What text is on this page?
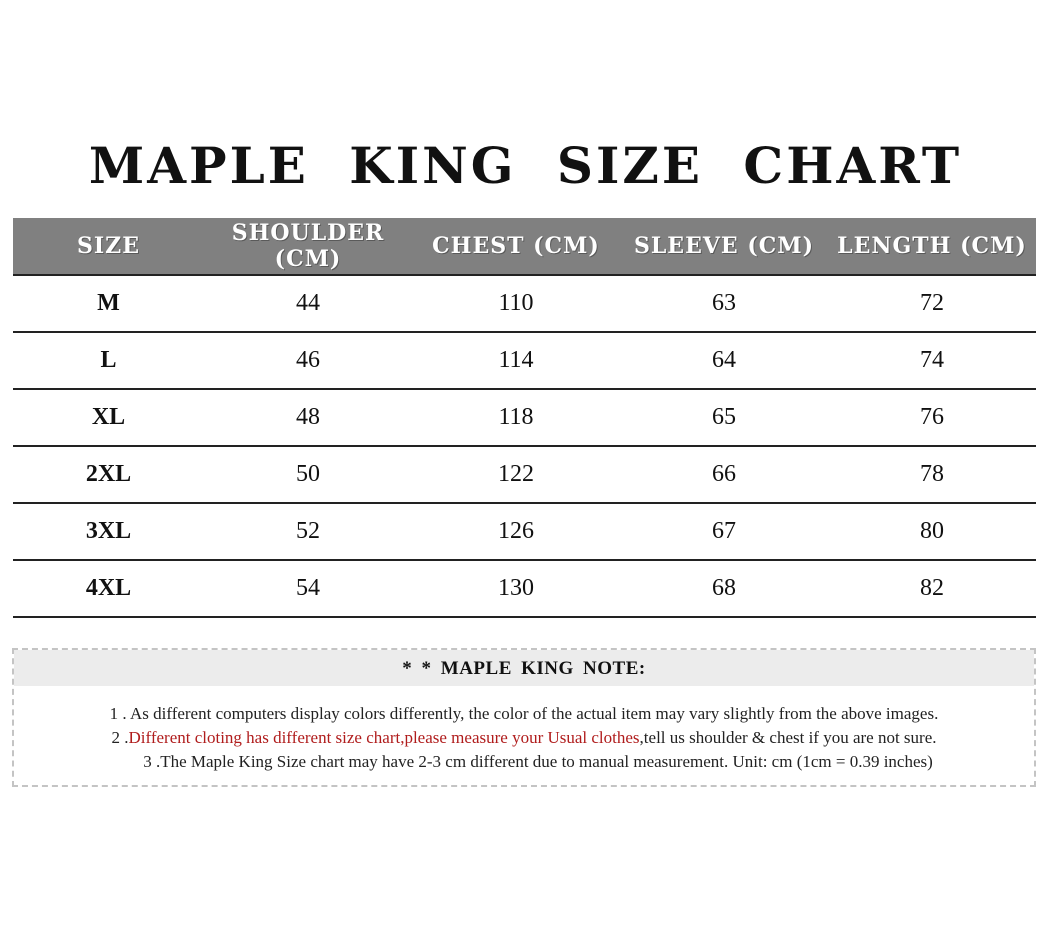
MAPLE KING SIZE CHART
SIZE	SHOULDER (CM)	CHEST (CM)	SLEEVE (CM)	LENGTH (CM)
M	44	110	63	72
L	46	114	64	74
XL	48	118	65	76
2XL	50	122	66	78
3XL	52	126	67	80
4XL	54	130	68	82
* * MAPLE KING NOTE:
1 . As different computers display colors differently, the color of the actual item may vary slightly from the above images.
2 .Different cloting has different size chart,please measure your Usual clothes,tell us shoulder & chest if you are not sure.
3 .The Maple King Size chart may have 2-3 cm different due to manual measurement. Unit: cm (1cm = 0.39 inches)
